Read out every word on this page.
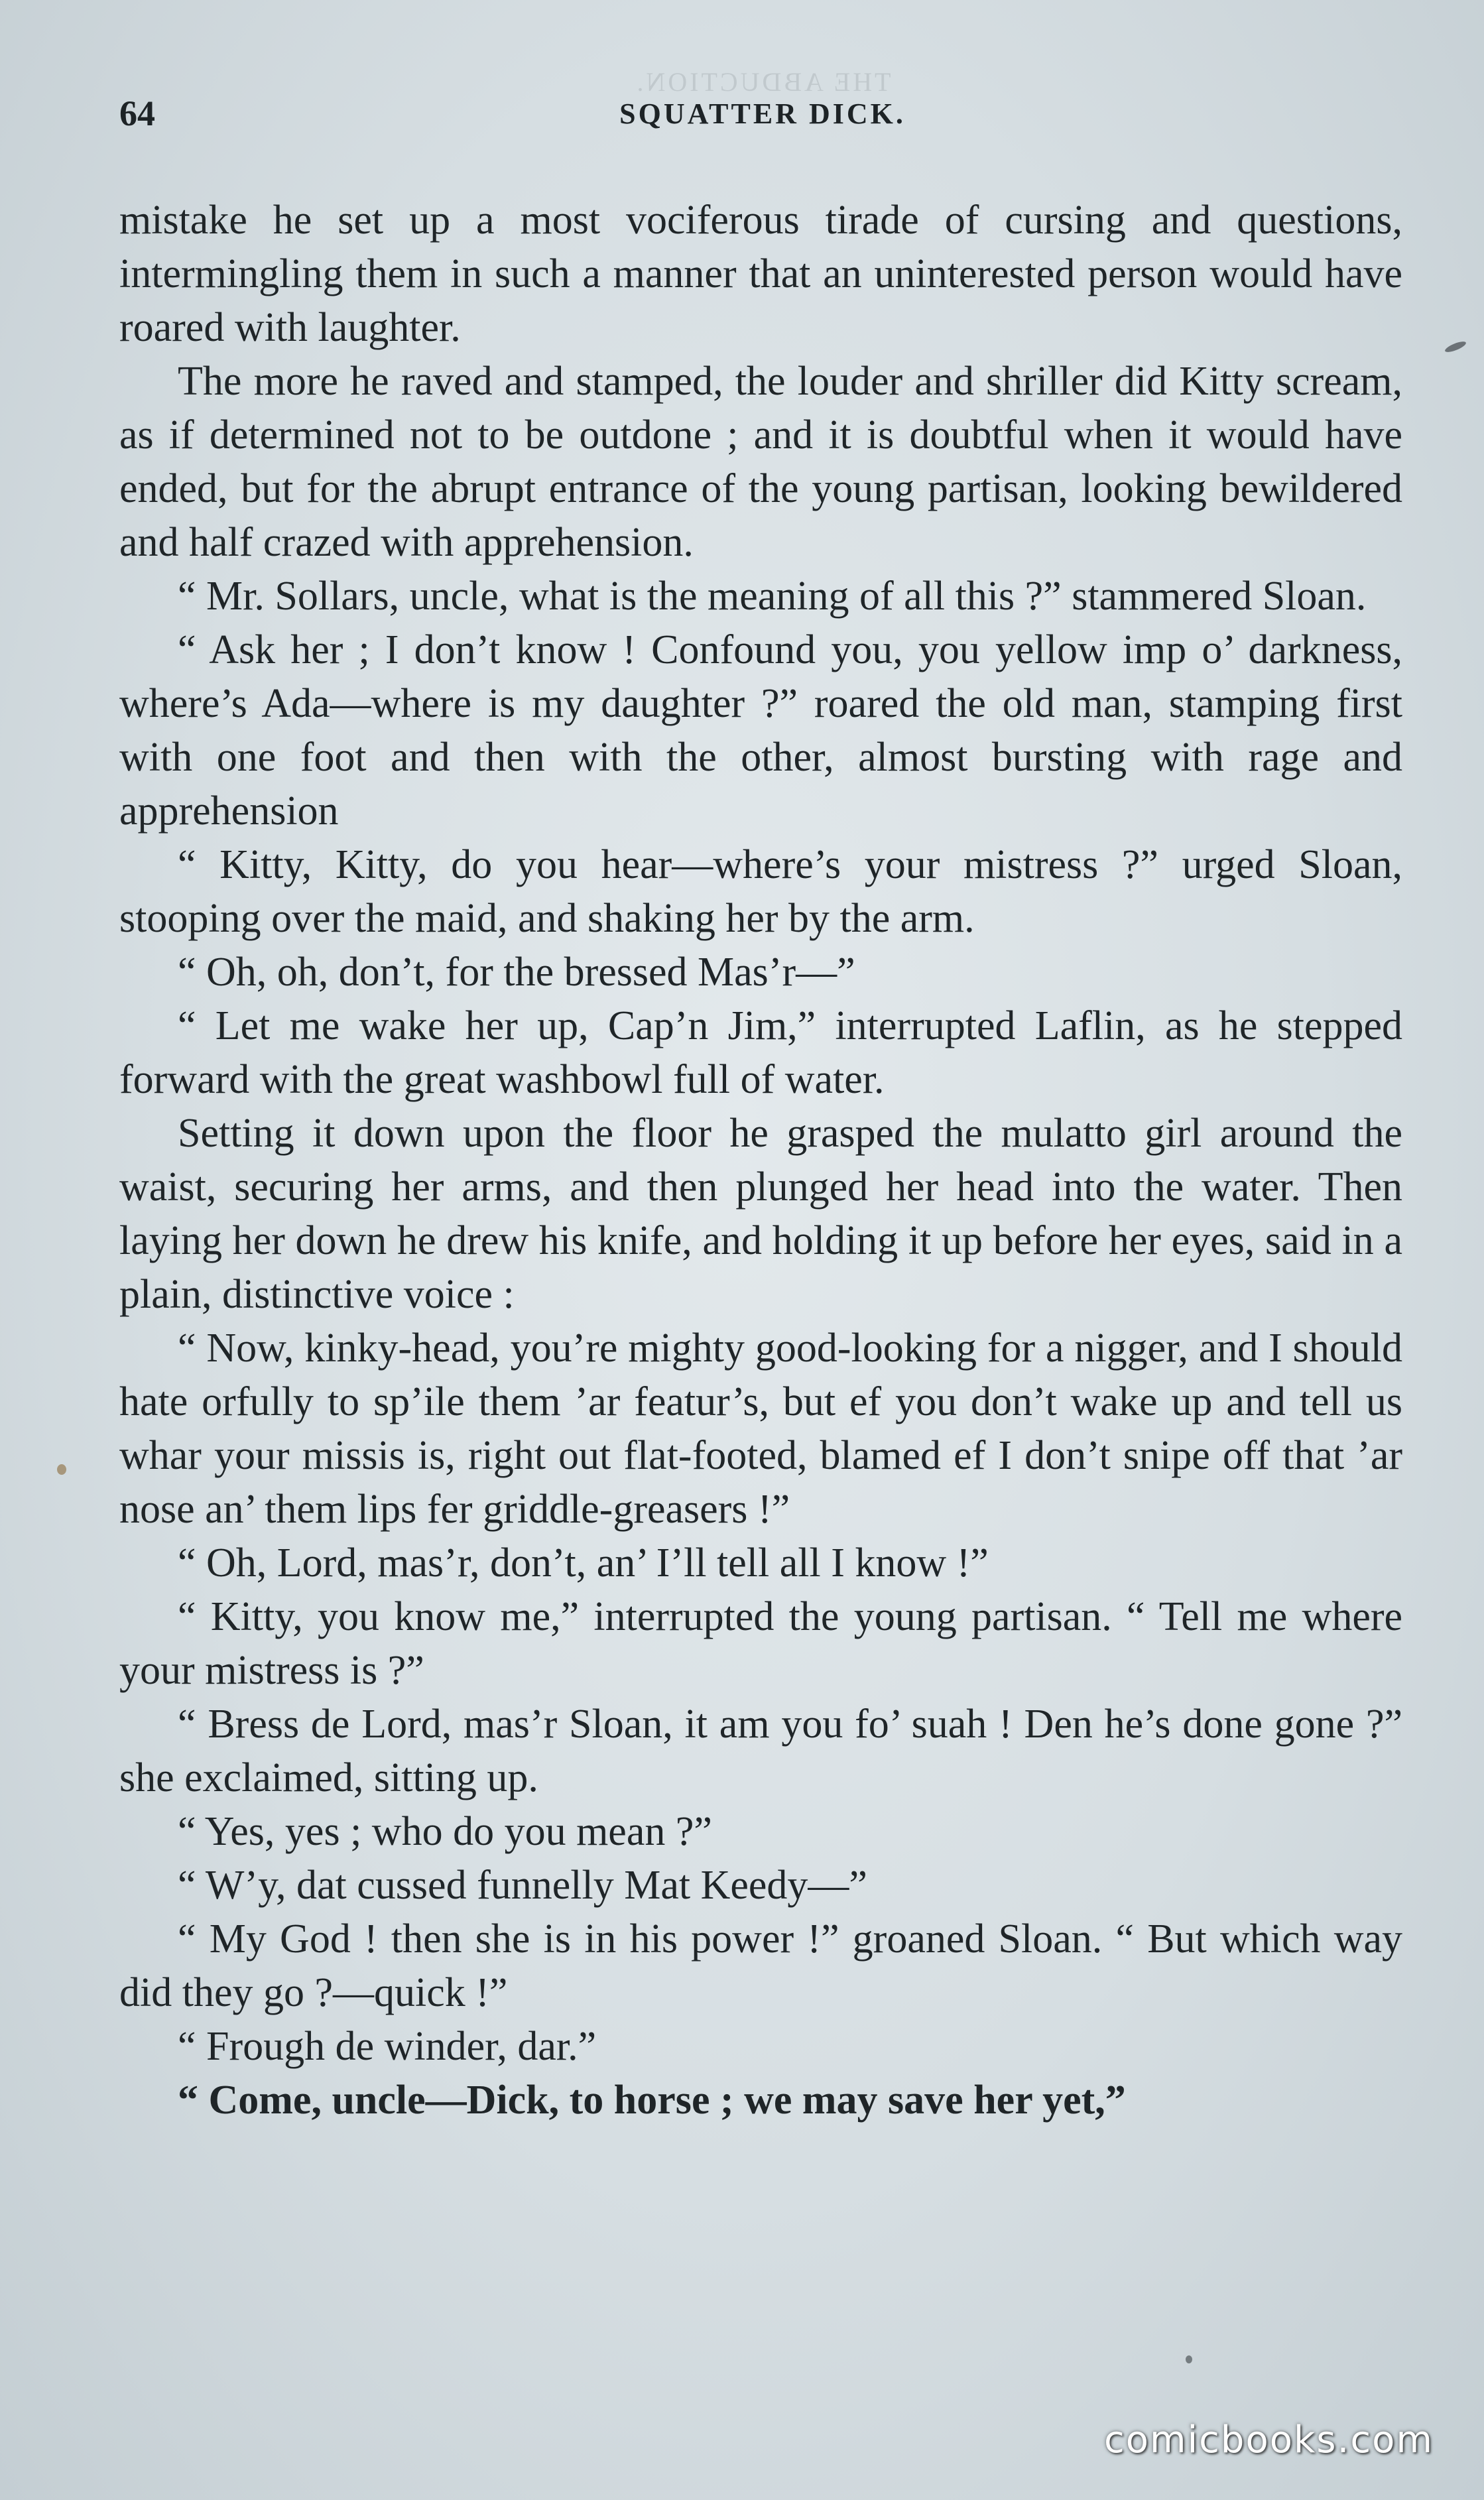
THE ABDUCTION.
64	SQUATTER DICK.

mistake he set up a most vociferous tirade of cursing and questions, intermingling them in such a manner that an uninterested person would have roared with laughter.

The more he raved and stamped, the louder and shriller did Kitty scream, as if determined not to be outdone ; and it is doubtful when it would have ended, but for the abrupt entrance of the young partisan, looking bewildered and half crazed with apprehension.

“ Mr. Sollars, uncle, what is the meaning of all this ?” stammered Sloan.

“ Ask her ; I don’t know ! Confound you, you yellow imp o’ darkness, where’s Ada—where is my daughter ?” roared the old man, stamping first with one foot and then with the other, almost bursting with rage and apprehension

“ Kitty, Kitty, do you hear—where’s your mistress ?” urged Sloan, stooping over the maid, and shaking her by the arm.

“ Oh, oh, don’t, for the bressed Mas’r—”

“ Let me wake her up, Cap’n Jim,” interrupted Laflin, as he stepped forward with the great washbowl full of water.

Setting it down upon the floor he grasped the mulatto girl around the waist, securing her arms, and then plunged her head into the water. Then laying her down he drew his knife, and holding it up before her eyes, said in a plain, distinctive voice :

“ Now, kinky-head, you’re mighty good-looking for a nigger, and I should hate orfully to sp’ile them ’ar featur’s, but ef you don’t wake up and tell us whar your missis is, right out flat-footed, blamed ef I don’t snipe off that ’ar nose an’ them lips fer griddle-greasers !”

“ Oh, Lord, mas’r, don’t, an’ I’ll tell all I know !”

“ Kitty, you know me,” interrupted the young partisan. “ Tell me where your mistress is ?”

“ Bress de Lord, mas’r Sloan, it am you fo’ suah ! Den he’s done gone ?” she exclaimed, sitting up.

“ Yes, yes ; who do you mean ?”

“ W’y, dat cussed funnelly Mat Keedy—”

“ My God ! then she is in his power !” groaned Sloan. “ But which way did they go ?—quick !”

“ Frough de winder, dar.”

“ Come, uncle—Dick, to horse ; we may save her yet,”

comicbooks.com
